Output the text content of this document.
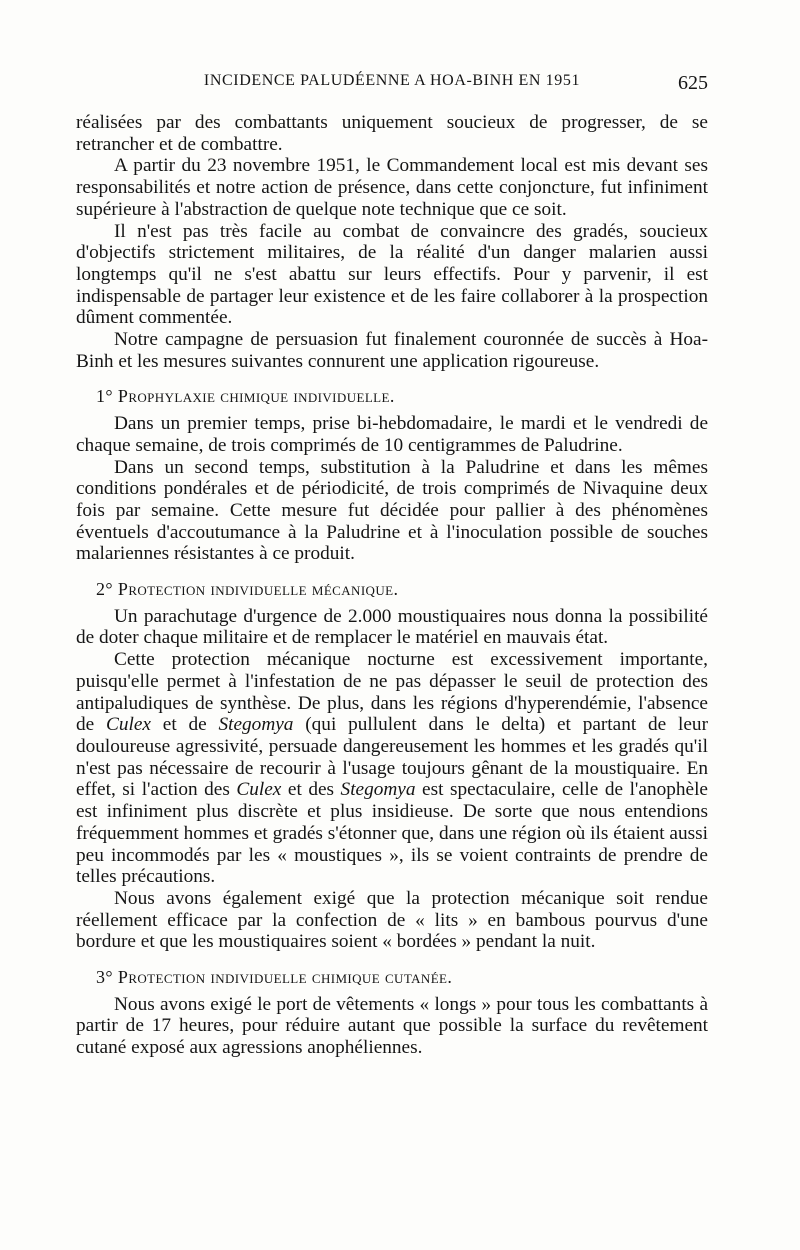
INCIDENCE PALUDÉENNE A HOA-BINH EN 1951	625

réalisées par des combattants uniquement soucieux de progresser, de se retrancher et de combattre.

A partir du 23 novembre 1951, le Commandement local est mis devant ses responsabilités et notre action de présence, dans cette conjoncture, fut infiniment supérieure à l'abstraction de quelque note technique que ce soit.

Il n'est pas très facile au combat de convaincre des gradés, soucieux d'objectifs strictement militaires, de la réalité d'un danger malarien aussi longtemps qu'il ne s'est abattu sur leurs effectifs. Pour y parvenir, il est indispensable de partager leur existence et de les faire collaborer à la prospection dûment commentée.

Notre campagne de persuasion fut finalement couronnée de succès à Hoa-Binh et les mesures suivantes connurent une application rigoureuse.

1° Prophylaxie chimique individuelle.

Dans un premier temps, prise bi-hebdomadaire, le mardi et le vendredi de chaque semaine, de trois comprimés de 10 centigrammes de Paludrine.

Dans un second temps, substitution à la Paludrine et dans les mêmes conditions pondérales et de périodicité, de trois comprimés de Nivaquine deux fois par semaine. Cette mesure fut décidée pour pallier à des phénomènes éventuels d'accoutumance à la Paludrine et à l'inoculation possible de souches malariennes résistantes à ce produit.

2° Protection individuelle mécanique.

Un parachutage d'urgence de 2.000 moustiquaires nous donna la possibilité de doter chaque militaire et de remplacer le matériel en mauvais état.

Cette protection mécanique nocturne est excessivement importante, puisqu'elle permet à l'infestation de ne pas dépasser le seuil de protection des antipaludiques de synthèse. De plus, dans les régions d'hyperendémie, l'absence de Culex et de Stegomya (qui pullulent dans le delta) et partant de leur douloureuse agressivité, persuade dangereusement les hommes et les gradés qu'il n'est pas nécessaire de recourir à l'usage toujours gênant de la moustiquaire. En effet, si l'action des Culex et des Stegomya est spectaculaire, celle de l'anophèle est infiniment plus discrète et plus insidieuse. De sorte que nous entendions fréquemment hommes et gradés s'étonner que, dans une région où ils étaient aussi peu incommodés par les « moustiques », ils se voient contraints de prendre de telles précautions.

Nous avons également exigé que la protection mécanique soit rendue réellement efficace par la confection de « lits » en bambous pourvus d'une bordure et que les moustiquaires soient « bordées » pendant la nuit.

3° Protection individuelle chimique cutanée.

Nous avons exigé le port de vêtements « longs » pour tous les combattants à partir de 17 heures, pour réduire autant que possible la surface du revêtement cutané exposé aux agressions anophéliennes.
